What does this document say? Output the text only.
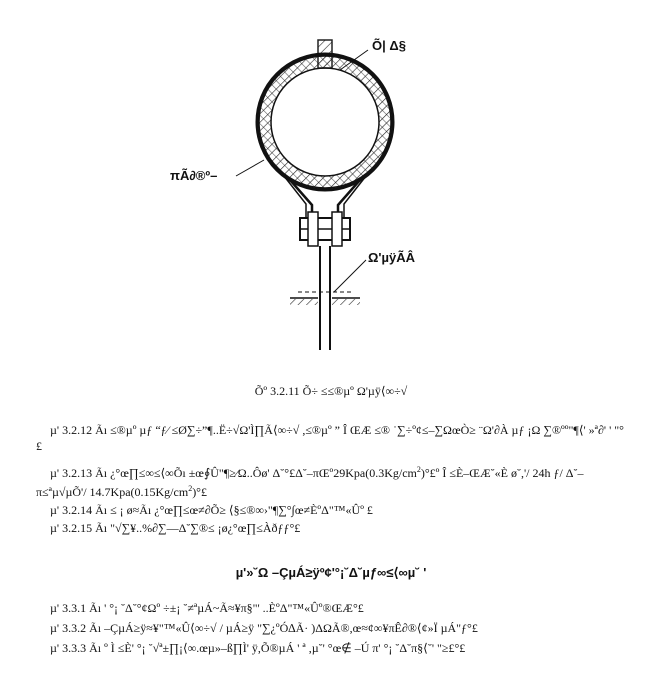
Õ| Δ§
πÃ∂®º–
Ω'µÿÃÂ
Õº 3.2.11 Õ÷ ≤≤®µº Ω'µÿ⟨∞÷√
µ' 3.2.12 Ãı ≤®µº µƒ “ƒ⁄ ≤Ø∑÷”¶..Ë÷√Ω'Ì∏Ã⟨∞÷√ ,≤®µº ” Î ŒÆ ≤® ˙∑÷º¢≤–∑ΩœÒ≥ ¨Ω'∂À µƒ ¡Ω ∑®ºº"¶⟨' »ª∂' ' "° £
µ' 3.2.13 Ãı ¿°œ∏≤∞≤⟨∞Õı ±œ∮Û"¶≥⁄Ω..Ôø' $\Delta˘^\circ£\Delta˘-\pi Œº29Kpa(0.3Kg/cm^2)^\circ£º$ Î ≤È–ŒÆ˘«È ø˘,'/ 24h ƒ/ Δ˘–π≤ªµ√µÕ'/ $14.7Kpa(0.15Kg/cm^2)^\circ£$
µ' 3.2.14 Ãı ≤ ¡ ø≈Ãı ¿°œ∏≤œ≠∂Õ≥ ⟨§≤®∞›"¶∑°∫œ≠ÈºΔ"™«Ûº £
µ' 3.2.15 Ãı "√∑¥..%∂∑––Δ˘∑®≤ ¡ø¿°œ∏≤Àðƒƒ°£
µ'»˘Ω –ÇµÁ≥ÿº¢'°¡˘Δ˘µƒ∞≤⟨∞µ˘ '
µ' 3.3.1 Ãı ' °¡ ˘Δ˘°¢Ωº ÷±¡ ˘≠ªµÁ~Ã≈¥π§"' ..ÈºΔ"™«Ûº®ŒÆ°£
µ' 3.3.2 Ãı –ÇµÁ≥ÿ≈¥"™«Û⟨∞÷√ / µÁ≥ÿ "∑¿ºÓ∆Ã· )ΔΩÃ®,œ≈¢∞¥πÊ∂®⟨¢»Ï µÁ"ƒ°£
µ' 3.3.3 Ãı º Ì ≤È' °¡ ˘√ª±∏¡⟨∞.œµ»–ß∏Ì' ÿ,Õ®µÁ ' ª ,µ˘' °œ∉ –Ú π' °¡ ˘Δ˘π§⟨˘' "≥£°£
